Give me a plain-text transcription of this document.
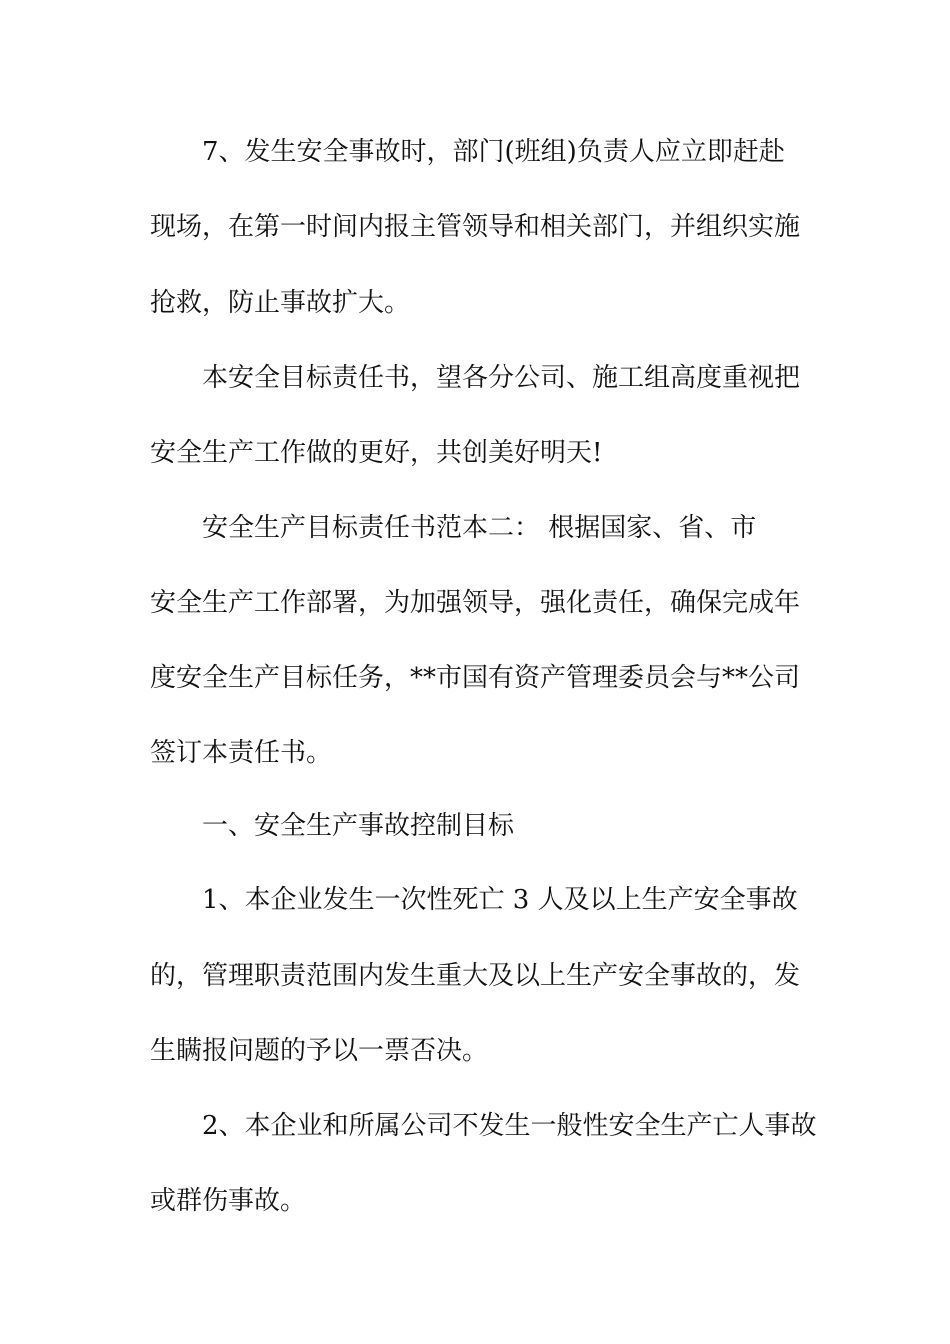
7、发生安全事故时，部门(班组)负责人应立即赶赴
现场，在第一时间内报主管领导和相关部门，并组织实施
抢救，防止事故扩大。
本安全目标责任书，望各分公司、施工组高度重视把
安全生产工作做的更好，共创美好明天!
安全生产目标责任书范本二： 根据国家、省、市
安全生产工作部署，为加强领导，强化责任，确保完成年
度安全生产目标任务，**市国有资产管理委员会与**公司
签订本责任书。
一、安全生产事故控制目标
1、本企业发生一次性死亡 3 人及以上生产安全事故
的，管理职责范围内发生重大及以上生产安全事故的，发
生瞒报问题的予以一票否决。
2、本企业和所属公司不发生一般性安全生产亡人事故
或群伤事故。
